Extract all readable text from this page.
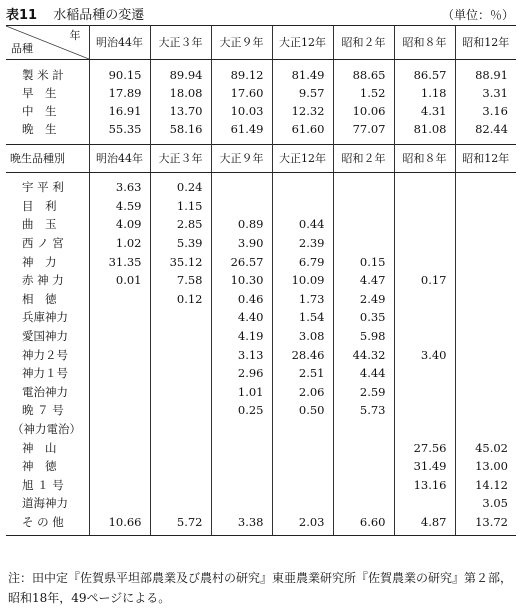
表11 水稲品種の変遷	（単位：％）
年
品種	明治44年	大正３年	大正９年	大正12年	昭和２年	昭和８年	昭和12年
製 米 計	90.15	89.94	89.12	81.49	88.65	86.57	88.91
早　生	17.89	18.08	17.60	9.57	1.52	1.18	3.31
中　生	16.91	13.70	10.03	12.32	10.06	4.31	3.16
晩　生	55.35	58.16	61.49	61.60	77.07	81.08	82.44
晩生品種別	明治44年	大正３年	大正９年	大正12年	昭和２年	昭和８年	昭和12年
宇 平 利	3.63	0.24					
目　利	4.59	1.15					
曲　玉	4.09	2.85	0.89	0.44			
西 ノ 宮	1.02	5.39	3.90	2.39			
神　力	31.35	35.12	26.57	6.79	0.15		
赤 神 力	0.01	7.58	10.30	10.09	4.47	0.17	
相　徳		0.12	0.46	1.73	2.49		
兵庫神力			4.40	1.54	0.35		
愛国神力			4.19	3.08	5.98		
神力２号			3.13	28.46	44.32	3.40	
神力１号			2.96	2.51	4.44		
電治神力			1.01	2.06	2.59		
晩 ７ 号			0.25	0.50	5.73		
（神力電治）							
神　山						27.56	45.02
神　徳						31.49	13.00
旭 １ 号						13.16	14.12
道海神力							3.05
そ の 他	10.66	5.72	3.38	2.03	6.60	4.87	13.72
注：田中定『佐賀県平坦部農業及び農村の研究』東亜農業研究所『佐賀農業の研究』第２部，昭和18年，49ページによる。
